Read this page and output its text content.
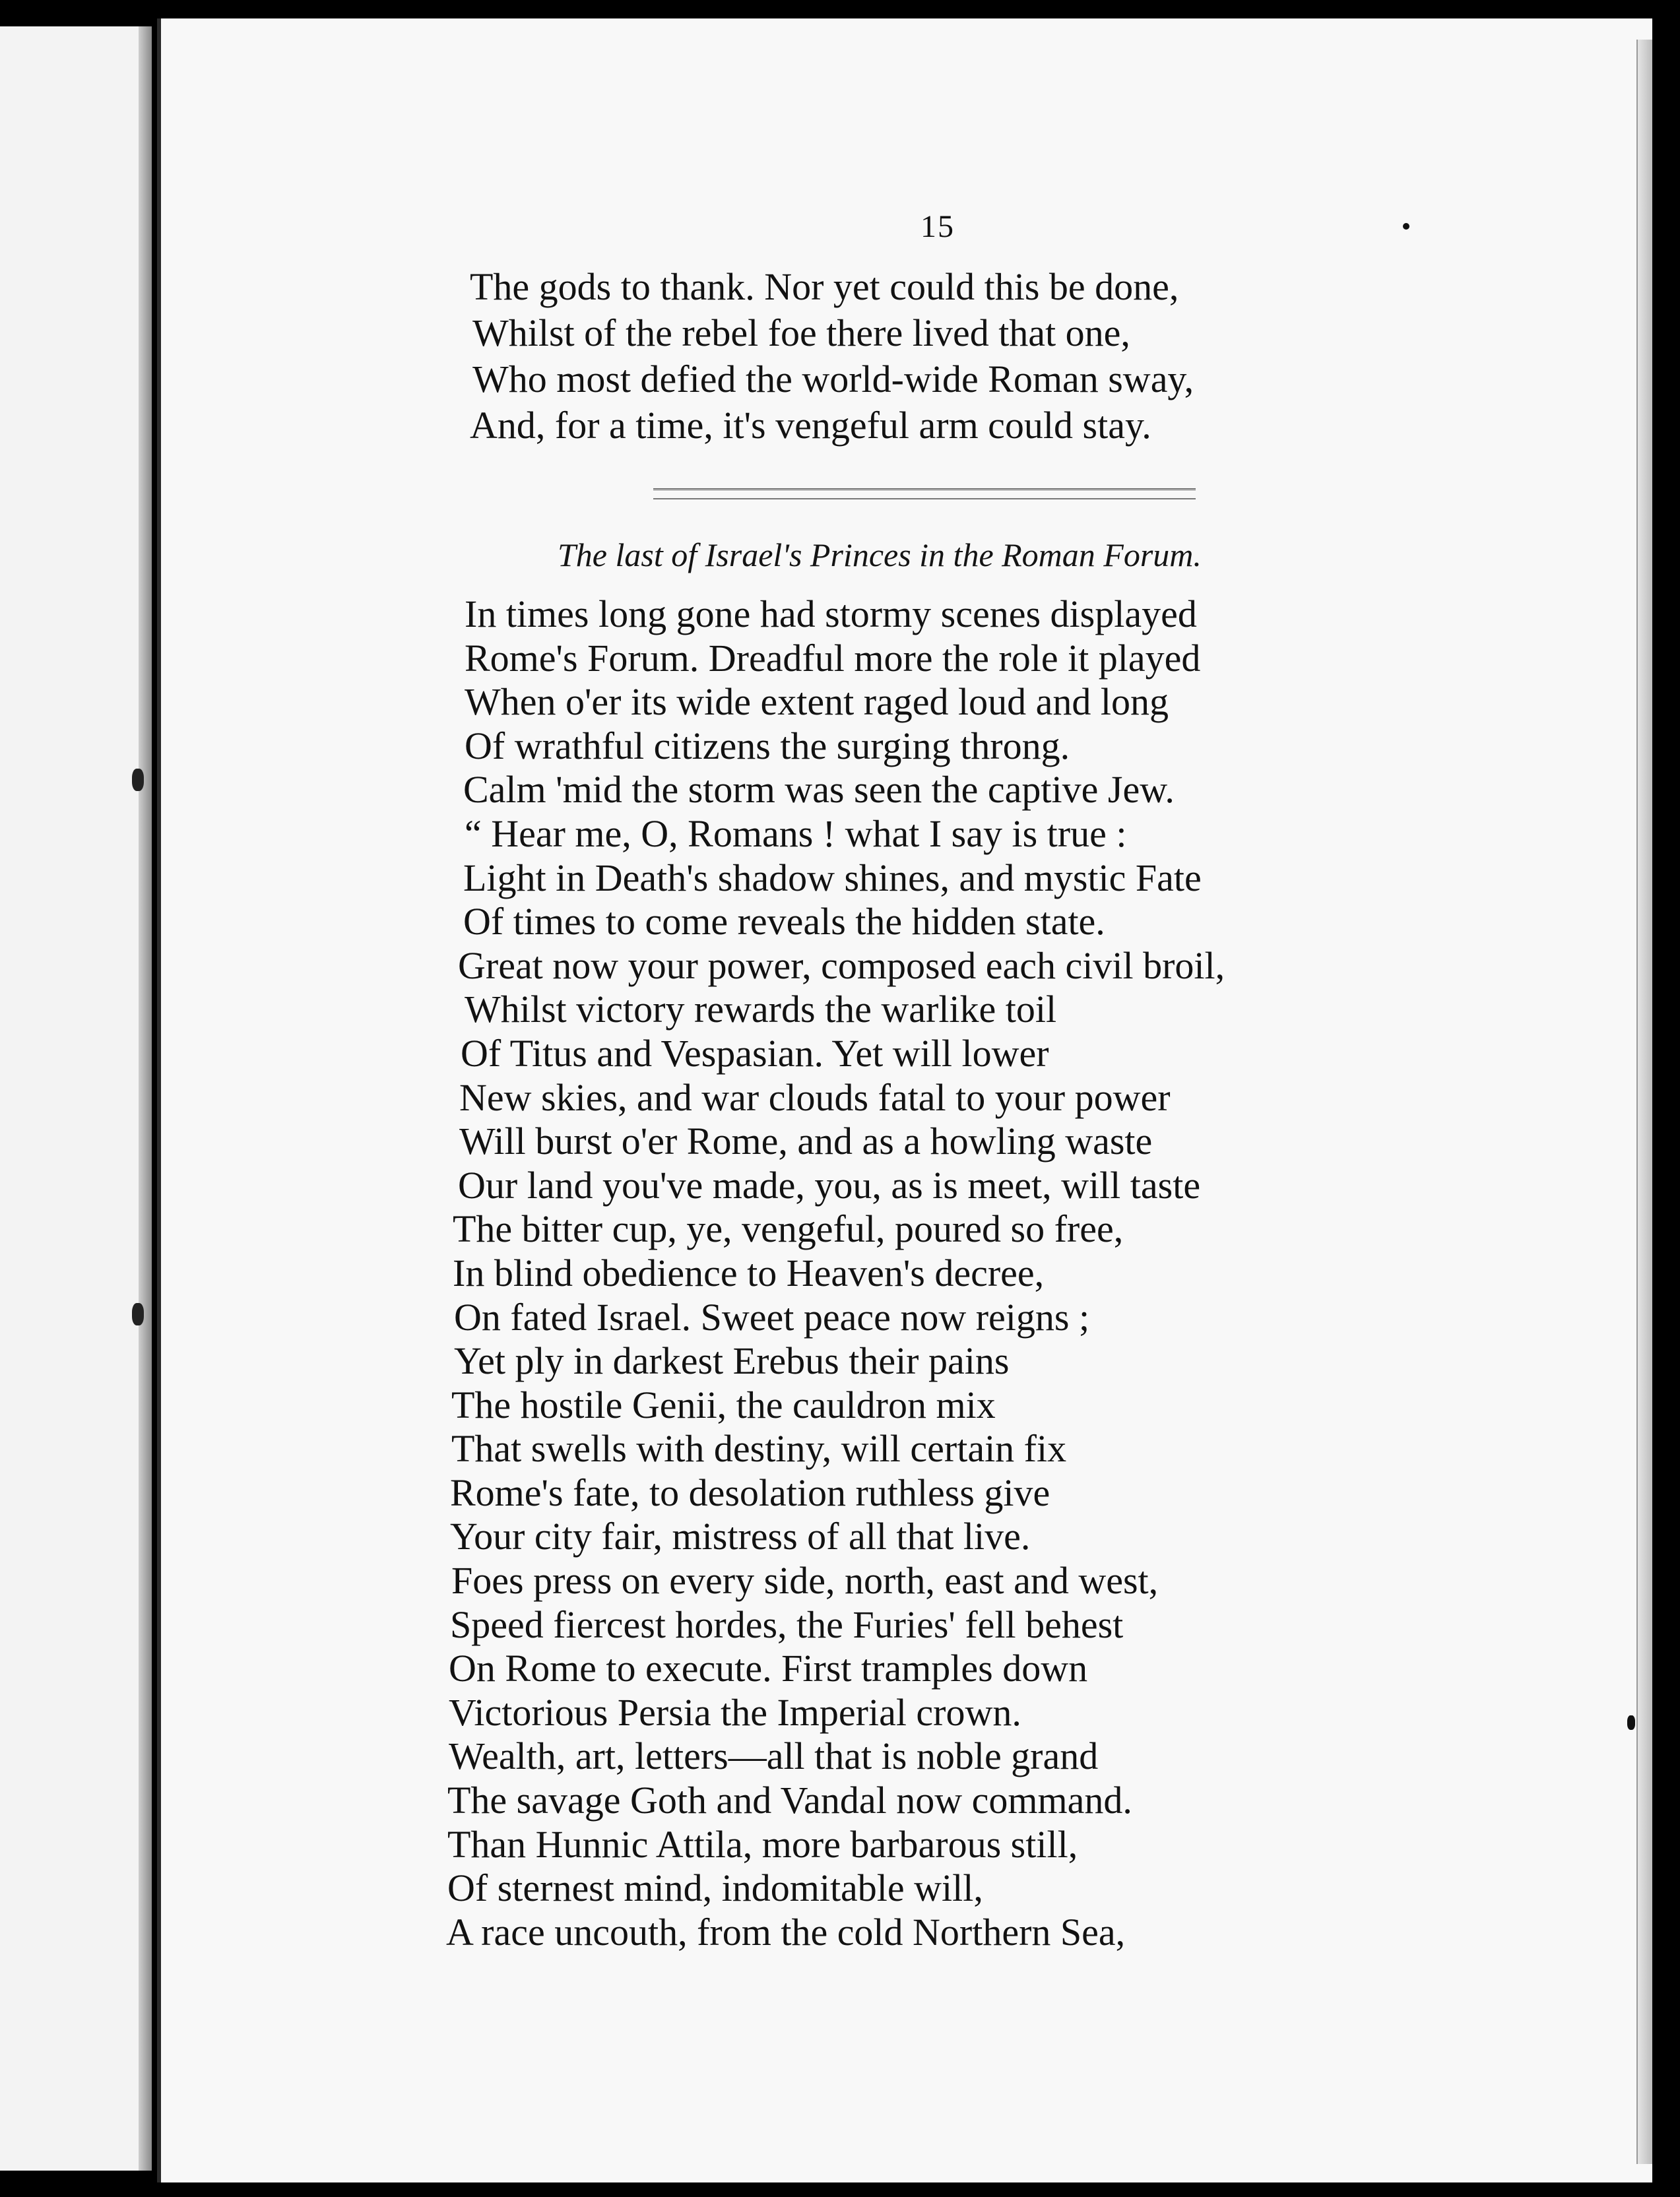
15

The gods to thank. Nor yet could this be done,
Whilst of the rebel foe there lived that one,
Who most defied the world-wide Roman sway,
And, for a time, it's vengeful arm could stay.

The last of Israel's Princes in the Roman Forum.

In times long gone had stormy scenes displayed
Rome's Forum. Dreadful more the role it played
When o'er its wide extent raged loud and long
Of wrathful citizens the surging throng.
Calm 'mid the storm was seen the captive Jew.
“ Hear me, O, Romans ! what I say is true :
Light in Death's shadow shines, and mystic Fate
Of times to come reveals the hidden state.
Great now your power, composed each civil broil,
Whilst victory rewards the warlike toil
Of Titus and Vespasian. Yet will lower
New skies, and war clouds fatal to your power
Will burst o'er Rome, and as a howling waste
Our land you've made, you, as is meet, will taste
The bitter cup, ye, vengeful, poured so free,
In blind obedience to Heaven's decree,
On fated Israel. Sweet peace now reigns ;
Yet ply in darkest Erebus their pains
The hostile Genii, the cauldron mix
That swells with destiny, will certain fix
Rome's fate, to desolation ruthless give
Your city fair, mistress of all that live.
Foes press on every side, north, east and west,
Speed fiercest hordes, the Furies' fell behest
On Rome to execute. First tramples down
Victorious Persia the Imperial crown.
Wealth, art, letters—all that is noble grand
The savage Goth and Vandal now command.
Than Hunnic Attila, more barbarous still,
Of sternest mind, indomitable will,
A race uncouth, from the cold Northern Sea,
